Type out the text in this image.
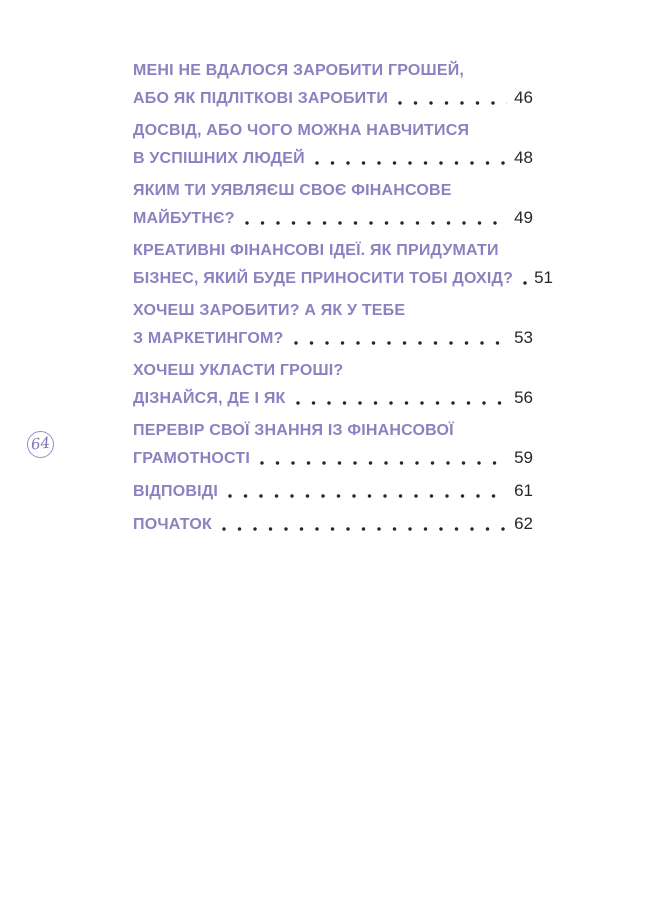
64
МЕНІ НЕ ВДАЛОСЯ ЗАРОБИТИ ГРОШЕЙ,
АБО ЯК ПІДЛІТКОВІ ЗАРОБИТИ	46
ДОСВІД, АБО ЧОГО МОЖНА НАВЧИТИСЯ
В УСПІШНИХ ЛЮДЕЙ	48
ЯКИМ ТИ УЯВЛЯЄШ СВОЄ ФІНАНСОВЕ
МАЙБУТНЄ?	49
КРЕАТИВНІ ФІНАНСОВІ ІДЕЇ. ЯК ПРИДУМАТИ
БІЗНЕС, ЯКИЙ БУДЕ ПРИНОСИТИ ТОБІ ДОХІД? 51
ХОЧЕШ ЗАРОБИТИ? А ЯК У ТЕБЕ
З МАРКЕТИНГОМ?	53
ХОЧЕШ УКЛАСТИ ГРОШІ?
ДІЗНАЙСЯ, ДЕ І ЯК	56
ПЕРЕВІР СВОЇ ЗНАННЯ ІЗ ФІНАНСОВОЇ
ГРАМОТНОСТІ	59
ВІДПОВІДІ	61
ПОЧАТОК	62
